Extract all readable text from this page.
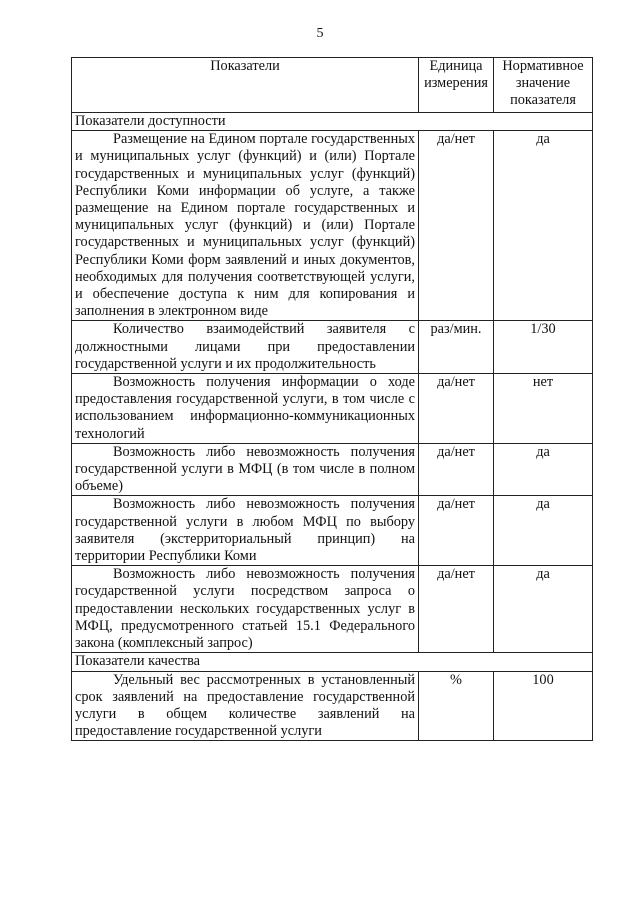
5
Показатели	Единица измерения	Нормативное значение показателя
Показатели доступности		
Размещение на Едином портале государственных и муниципальных услуг (функций) и (или) Портале государственных и муниципальных услуг (функций) Республики Коми информации об услуге, а также размещение на Едином портале государственных и муниципальных услуг (функций) и (или) Портале государственных и муниципальных услуг (функций) Республики Коми форм заявлений и иных документов, необходимых для получения соответствующей услуги, и обеспечение доступа к ним для копирования и заполнения в электронном виде	да/нет	да
Количество взаимодействий заявителя с должностными лицами при предоставлении государственной услуги и их продолжительность	раз/мин.	1/30
Возможность получения информации о ходе предоставления государственной услуги, в том числе с использованием информационно-коммуникационных технологий	да/нет	нет
Возможность либо невозможность получения государственной услуги в МФЦ (в том числе в полном объеме)	да/нет	да
Возможность либо невозможность получения государственной услуги в любом МФЦ по выбору заявителя (экстерриториальный принцип) на территории Республики Коми	да/нет	да
Возможность либо невозможность получения государственной услуги посредством запроса о предоставлении нескольких государственных услуг в МФЦ, предусмотренного статьей 15.1 Федерального закона (комплексный запрос)	да/нет	да
Показатели качества		
Удельный вес рассмотренных в установленный срок заявлений на предоставление государственной услуги в общем количестве заявлений на предоставление государственной услуги	%	100
